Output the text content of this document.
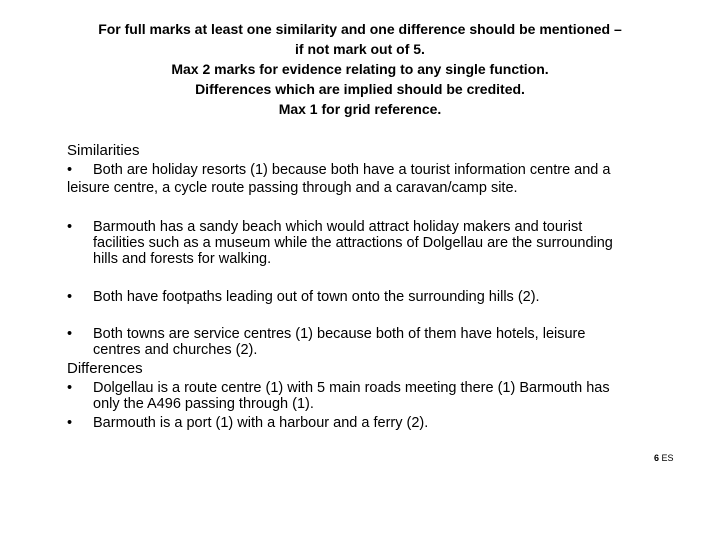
For full marks at least one similarity and one difference should be mentioned –
if not mark out of 5.
Max 2 marks for evidence relating to any single function.
Differences which are implied should be credited.
Max 1 for grid reference.
Similarities
• Both are holiday resorts (1) because both have a tourist information centre and a
leisure centre, a cycle route passing through and a caravan/camp site.
• Barmouth has a sandy beach which would attract holiday makers and tourist
facilities such as a museum while the attractions of Dolgellau are the surrounding
hills and forests for walking.
• Both have footpaths leading out of town onto the surrounding hills (2).
• Both towns are service centres (1) because both of them have hotels, leisure
centres and churches (2).
Differences
• Dolgellau is a route centre (1) with 5 main roads meeting there (1) Barmouth has
only the A496 passing through (1).
• Barmouth is a port (1) with a harbour and a ferry (2).
6 ES
